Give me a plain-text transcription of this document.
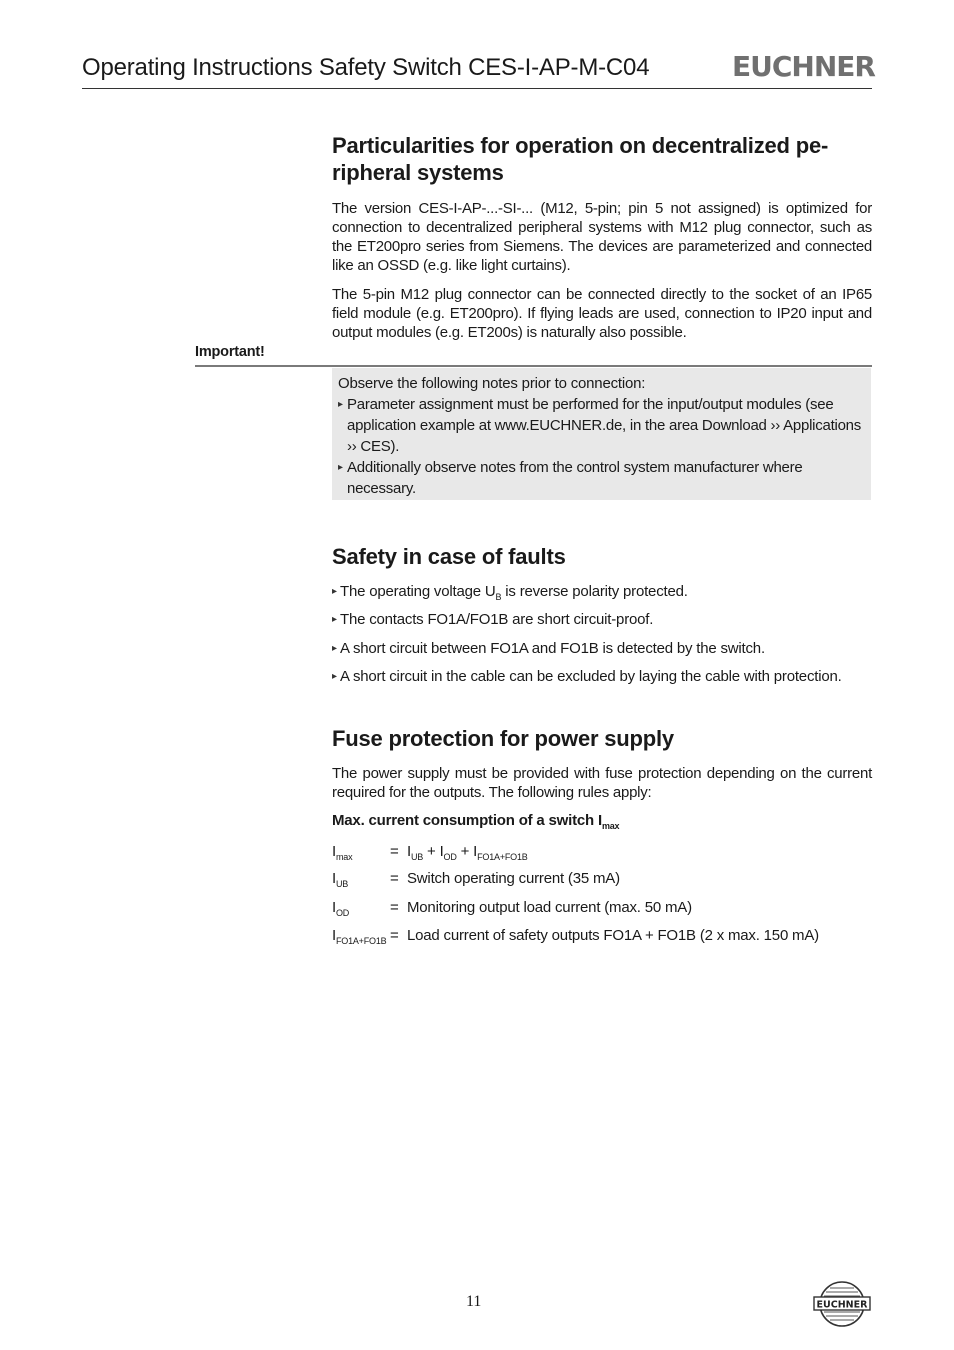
Operating Instructions Safety Switch CES-I-AP-M-C04	EUCHNER
Particularities for operation on decentralized pe-
ripheral systems
The version CES-I-AP-...-SI-... (M12, 5-pin; pin 5 not assigned) is optimized for connection to decentralized peripheral systems with M12 plug connector, such as the ET200pro series from Siemens. The devices are parameterized and connected like an OSSD (e.g. like light curtains).
The 5-pin M12 plug connector can be connected directly to the socket of an IP65 field module (e.g. ET200pro). If flying leads are used, connection to IP20 input and output modules (e.g. ET200s) is naturally also possible.
Important!
Observe the following notes prior to connection:
▸ Parameter assignment must be performed for the input/output modules (see application example at www.EUCHNER.de, in the area Download ›› Applications ›› CES).
▸ Additionally observe notes from the control system manufacturer where necessary.
Safety in case of faults
▸ The operating voltage $U_B$ is reverse polarity protected.
▸ The contacts FO1A/FO1B are short circuit-proof.
▸ A short circuit between FO1A and FO1B is detected by the switch.
▸ A short circuit in the cable can be excluded by laying the cable with protection.
Fuse protection for power supply
The power supply must be provided with fuse protection depending on the current required for the outputs. The following rules apply:
Max. current consumption of a switch $I_{max}$
$I_{max}$	= $I_{UB} + I_{OD} + I_{FO1A+FO1B}$
$I_{UB}$	= Switch operating current (35 mA)
$I_{OD}$	= Monitoring output load current (max. 50 mA)
$I_{FO1A+FO1B}$ = Load current of safety outputs FO1A + FO1B (2 x max. 150 mA)
11	EUCHNER
